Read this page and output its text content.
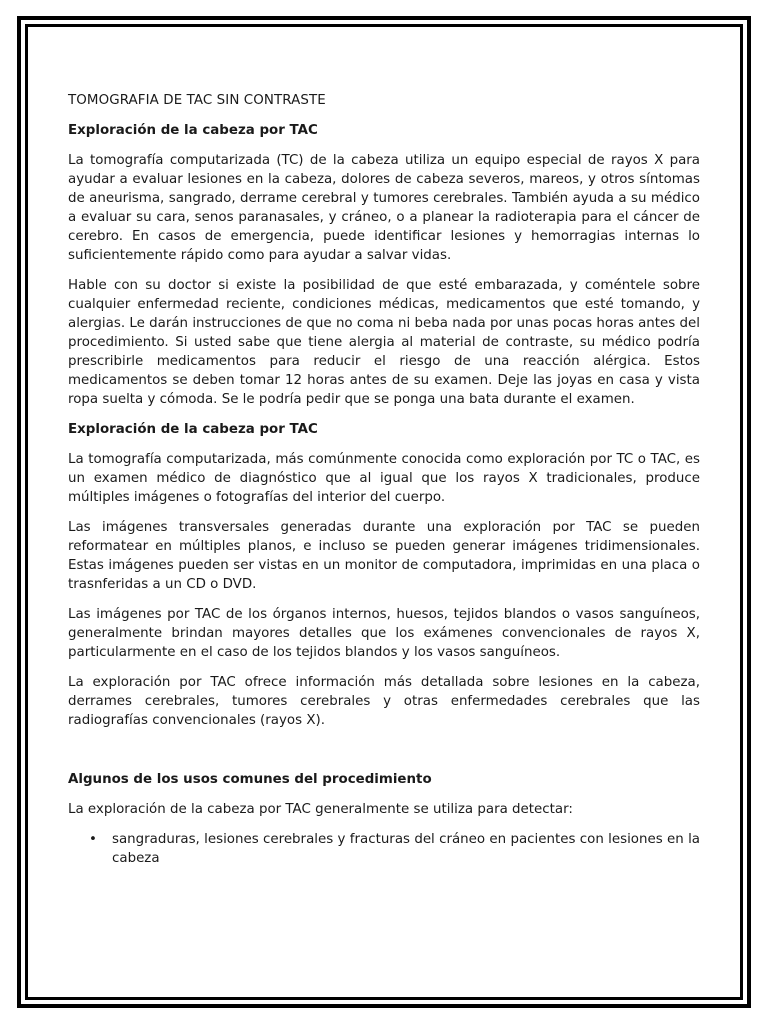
TOMOGRAFIA DE TAC SIN CONTRASTE
Exploración de la cabeza por TAC

La tomografía computarizada (TC) de la cabeza utiliza un equipo especial de rayos X para ayudar a evaluar lesiones en la cabeza, dolores de cabeza severos, mareos, y otros síntomas de aneurisma, sangrado, derrame cerebral y tumores cerebrales. También ayuda a su médico a evaluar su cara, senos paranasales, y cráneo, o a planear la radioterapia para el cáncer de cerebro. En casos de emergencia, puede identificar lesiones y hemorragias internas lo suficientemente rápido como para ayudar a salvar vidas.

Hable con su doctor si existe la posibilidad de que esté embarazada, y coméntele sobre cualquier enfermedad reciente, condiciones médicas, medicamentos que esté tomando, y alergias. Le darán instrucciones de que no coma ni beba nada por unas pocas horas antes del procedimiento. Si usted sabe que tiene alergia al material de contraste, su médico podría prescribirle medicamentos para reducir el riesgo de una reacción alérgica. Estos medicamentos se deben tomar 12 horas antes de su examen. Deje las joyas en casa y vista ropa suelta y cómoda. Se le podría pedir que se ponga una bata durante el examen.

Exploración de la cabeza por TAC

La tomografía computarizada, más comúnmente conocida como exploración por TC o TAC, es un examen médico de diagnóstico que al igual que los rayos X tradicionales, produce múltiples imágenes o fotografías del interior del cuerpo.

Las imágenes transversales generadas durante una exploración por TAC se pueden reformatear en múltiples planos, e incluso se pueden generar imágenes tridimensionales. Estas imágenes pueden ser vistas en un monitor de computadora, imprimidas en una placa o trasnferidas a un CD o DVD.

Las imágenes por TAC de los órganos internos, huesos, tejidos blandos o vasos sanguíneos, generalmente brindan mayores detalles que los exámenes convencionales de rayos X, particularmente en el caso de los tejidos blandos y los vasos sanguíneos.

La exploración por TAC ofrece información más detallada sobre lesiones en la cabeza, derrames cerebrales, tumores cerebrales y otras enfermedades cerebrales que las radiografías convencionales (rayos X).

Algunos de los usos comunes del procedimiento

La exploración de la cabeza por TAC generalmente se utiliza para detectar:

• sangraduras, lesiones cerebrales y fracturas del cráneo en pacientes con lesiones en la cabeza
